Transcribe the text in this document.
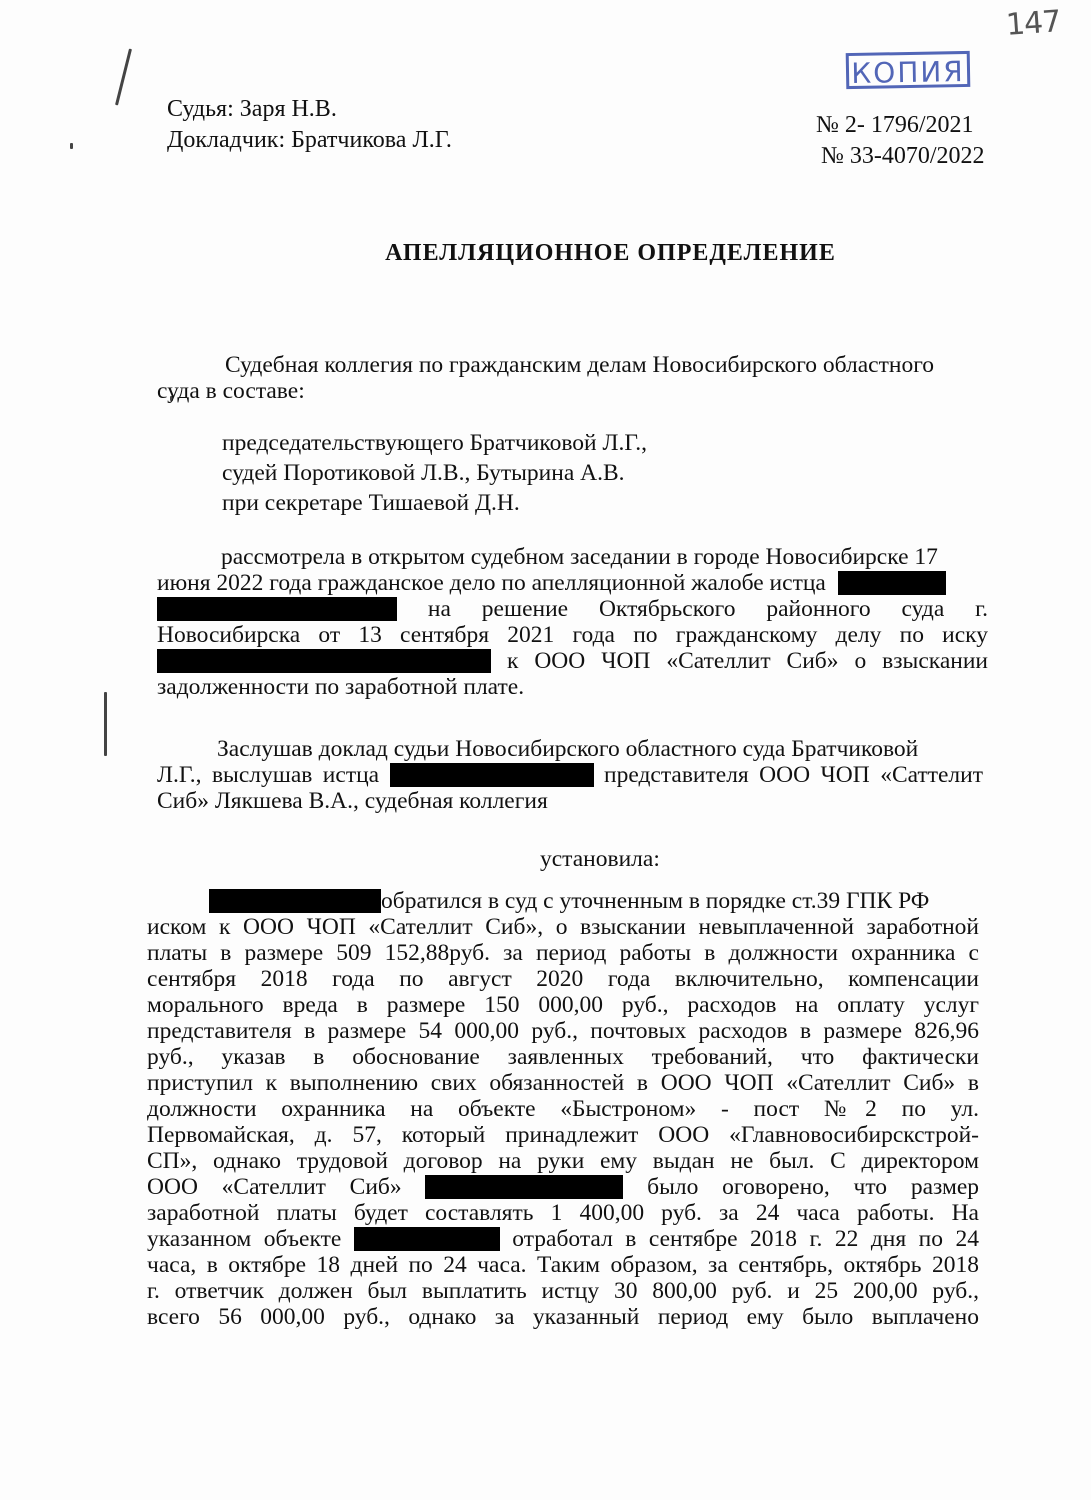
147
КОПИЯ
Судья: Заря Н.В.
Докладчик: Братчикова Л.Г.
№ 2- 1796/2021
№ 33-4070/2022
АПЕЛЛЯЦИОННОЕ ОПРЕДЕЛЕНИЕ

Судебная коллегия по гражданским делам Новосибирского областного

суда в составе:

председательствующего Братчиковой Л.Г.,

судей Поротиковой Л.В., Бутырина А.В.

при секретаре Тишаевой Д.Н.

рассмотрела в открытом судебном заседании в городе Новосибирске 17

июня 2022 года гражданское дело по апелляционной жалобе истца

на решение Октябрьского районного суда г.

Новосибирска от 13 сентября 2021 года по гражданскому делу по иску

к ООО ЧОП «Сателлит Сиб» о взыскании

задолженности по заработной плате.

Заслушав доклад судьи Новосибирского областного суда Братчиковой

Л.Г., выслушав истца	представителя ООО ЧОП «Саттелит

Сиб» Лякшева В.А., судебная коллегия

установила:

обратился в суд с уточненным в порядке ст.39 ГПК РФ

иском к ООО ЧОП «Сателлит Сиб», о взыскании невыплаченной заработной

платы в размере 509 152,88руб. за период работы в должности охранника с

сентября 2018 года по август 2020 года включительно, компенсации

морального вреда в размере 150 000,00 руб., расходов на оплату услуг

представителя в размере 54 000,00 руб., почтовых расходов в размере 826,96

руб., указав в обоснование заявленных требований, что фактически

приступил к выполнению свих обязанностей в ООО ЧОП «Сателлит Сиб» в

должности охранника на объекте «Быстроном» - пост №2 по ул.

Первомайская, д. 57, который принадлежит ООО «Главновосибирскстрой-

СП», однако трудовой договор на руки ему выдан не был. С директором

ООО «Сателлит Сиб»	было оговорено, что размер

заработной платы будет составлять 1 400,00 руб. за 24 часа работы. На

указанном объекте	отработал в сентябре 2018 г. 22 дня по 24

часа, в октябре 18 дней по 24 часа. Таким образом, за сентябрь, октябрь 2018

г. ответчик должен был выплатить истцу 30 800,00 руб. и 25 200,00 руб.,

всего 56 000,00 руб., однако за указанный период ему было выплачено
